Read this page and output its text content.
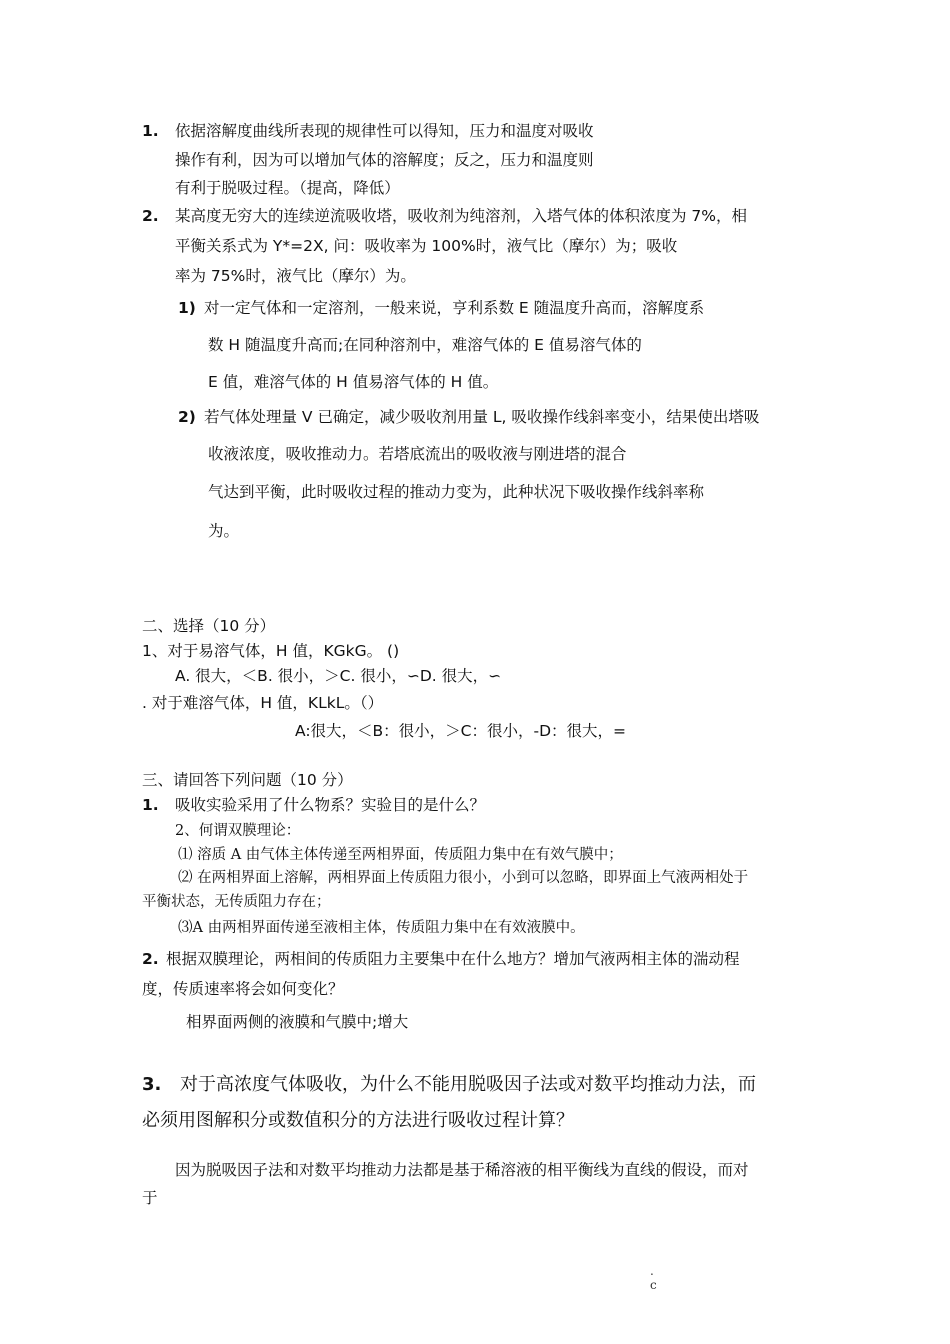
1. 依据溶解度曲线所表现的规律性可以得知，压力和温度对吸收
操作有利，因为可以增加气体的溶解度；反之，压力和温度则
有利于脱吸过程。（提高，降低）
2. 某高度无穷大的连续逆流吸收塔，吸收剂为纯溶剂，入塔气体的体积浓度为 7%，相
平衡关系式为 Y*=2X, 问：吸收率为 100%时，液气比（摩尔）为；吸收
率为 75%时，液气比（摩尔）为。
1) 对一定气体和一定溶剂，一般来说，亨利系数 E 随温度升高而，溶解度系
数 H 随温度升高而;在同种溶剂中，难溶气体的 E 值易溶气体的
E 值，难溶气体的 H 值易溶气体的 H 值。
2) 若气体处理量 V 已确定，减少吸收剂用量 L, 吸收操作线斜率变小，结果使出塔吸
收液浓度，吸收推动力。若塔底流出的吸收液与刚进塔的混合
气达到平衡，此时吸收过程的推动力变为，此种状况下吸收操作线斜率称
为。
二、选择（10 分）
1、对于易溶气体，H 值，KGkG。 ()
A. 很大，＜B. 很小，＞C. 很小，∽D. 很大，∽
. 对于难溶气体，H 值，KLkL。（）
A:很大，＜B：很小，＞C：很小，-D：很大，=
三、请回答下列问题（10 分）
1. 吸收实验采用了什么物系？实验目的是什么？
2、何谓双膜理论：
⑴ 溶质 A 由气体主体传递至两相界面，传质阻力集中在有效气膜中；
⑵ 在两相界面上溶解，两相界面上传质阻力很小，小到可以忽略，即界面上气液两相处于
平衡状态，无传质阻力存在；
⑶A 由两相界面传递至液相主体，传质阻力集中在有效液膜中。
2. 根据双膜理论，两相间的传质阻力主要集中在什么地方？增加气液两相主体的湍动程
度，传质速率将会如何变化？
相界面两侧的液膜和气膜中;增大
3. 对于高浓度气体吸收，为什么不能用脱吸因子法或对数平均推动力法，而
必须用图解积分或数值积分的方法进行吸收过程计算？
因为脱吸因子法和对数平均推动力法都是基于稀溶液的相平衡线为直线的假设，而对
于
.
c
